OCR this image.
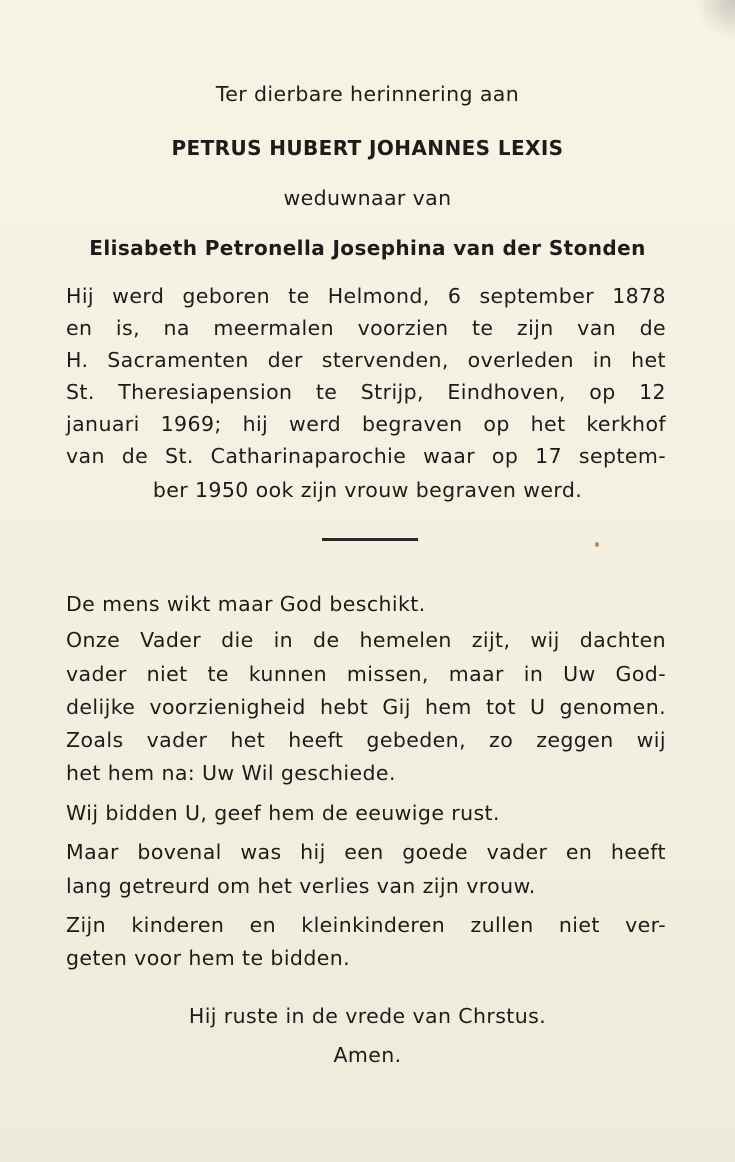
Ter dierbare herinnering aan
PETRUS HUBERT JOHANNES LEXIS
weduwnaar van
Elisabeth Petronella Josephina van der Stonden
Hij werd geboren te Helmond, 6 september 1878
en is, na meermalen voorzien te zijn van de
H. Sacramenten der stervenden, overleden in het
St. Theresiapension te Strijp, Eindhoven, op 12
januari 1969; hij werd begraven op het kerkhof
van de St. Catharinaparochie waar op 17 septem-
ber 1950 ook zijn vrouw begraven werd.
De mens wikt maar God beschikt.
Onze Vader die in de hemelen zijt, wij dachten
vader niet te kunnen missen, maar in Uw God-
delijke voorzienigheid hebt Gij hem tot U genomen.
Zoals vader het heeft gebeden, zo zeggen wij
het hem na: Uw Wil geschiede.
Wij bidden U, geef hem de eeuwige rust.
Maar bovenal was hij een goede vader en heeft
lang getreurd om het verlies van zijn vrouw.
Zijn kinderen en kleinkinderen zullen niet ver-
geten voor hem te bidden.
Hij ruste in de vrede van Chrstus.
Amen.
